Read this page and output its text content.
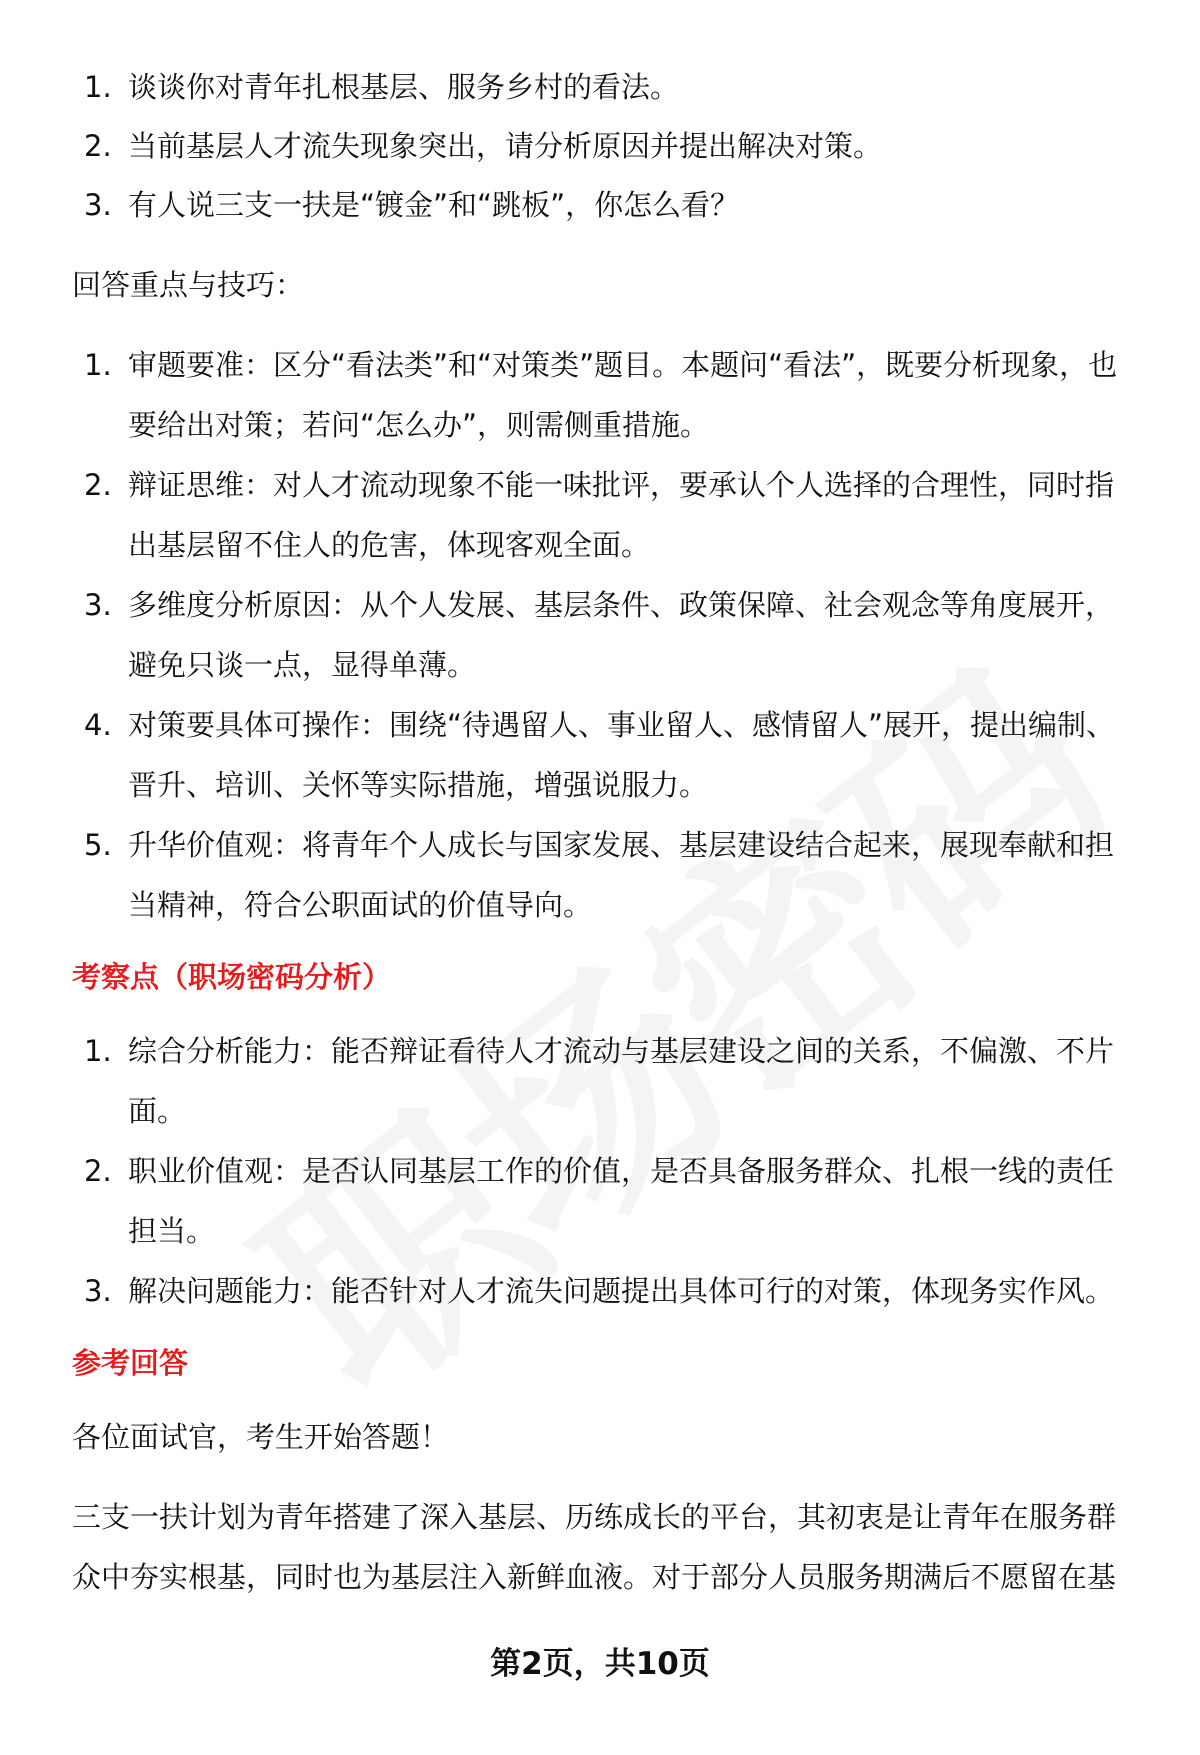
1. 谈谈你对青年扎根基层、服务乡村的看法。
2. 当前基层人才流失现象突出，请分析原因并提出解决对策。
3. 有人说三支一扶是“镀金”和“跳板”，你怎么看？
回答重点与技巧：
1. 审题要准：区分“看法类”和“对策类”题目。本题问“看法”，既要分析现象，也要给出对策；若问“怎么办”，则需侧重措施。
2. 辩证思维：对人才流动现象不能一味批评，要承认个人选择的合理性，同时指出基层留不住人的危害，体现客观全面。
3. 多维度分析原因：从个人发展、基层条件、政策保障、社会观念等角度展开，避免只谈一点，显得单薄。
4. 对策要具体可操作：围绕“待遇留人、事业留人、感情留人”展开，提出编制、晋升、培训、关怀等实际措施，增强说服力。
5. 升华价值观：将青年个人成长与国家发展、基层建设结合起来，展现奉献和担当精神，符合公职面试的价值导向。
考察点（职场密码分析）
1. 综合分析能力：能否辩证看待人才流动与基层建设之间的关系，不偏激、不片面。
2. 职业价值观：是否认同基层工作的价值，是否具备服务群众、扎根一线的责任担当。
3. 解决问题能力：能否针对人才流失问题提出具体可行的对策，体现务实作风。
参考回答

各位面试官，考生开始答题！

三支一扶计划为青年搭建了深入基层、历练成长的平台，其初衷是让青年在服务群众中夯实根基，同时也为基层注入新鲜血液。对于部分人员服务期满后不愿留在基

第2页，共10页
